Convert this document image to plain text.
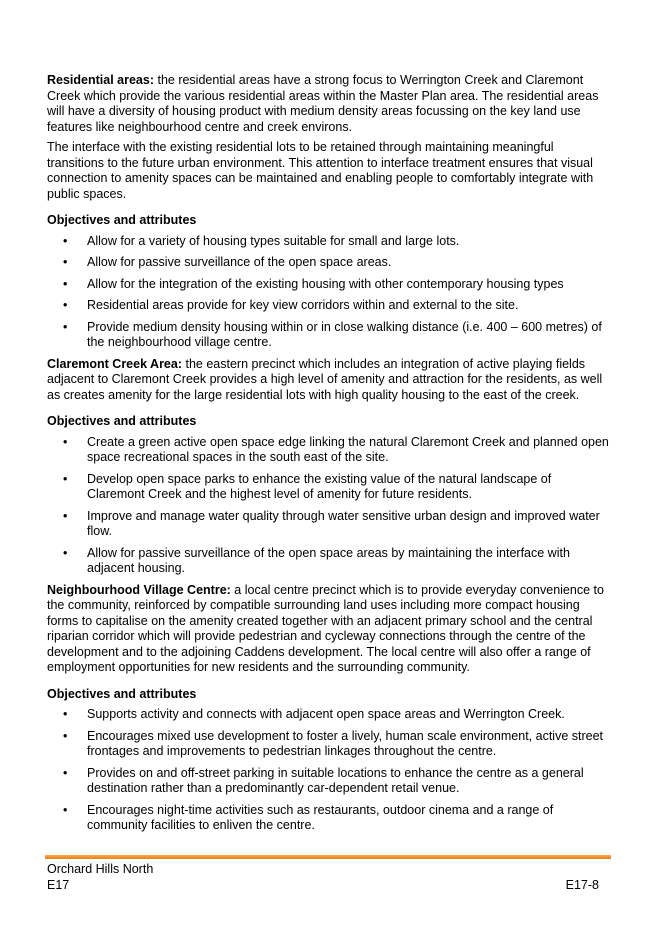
Residential areas: the residential areas have a strong focus to Werrington Creek and Claremont Creek which provide the various residential areas within the Master Plan area. The residential areas will have a diversity of housing product with medium density areas focussing on the key land use features like neighbourhood centre and creek environs.

The interface with the existing residential lots to be retained through maintaining meaningful transitions to the future urban environment. This attention to interface treatment ensures that visual connection to amenity spaces can be maintained and enabling people to comfortably integrate with public spaces.

Objectives and attributes

• Allow for a variety of housing types suitable for small and large lots.
• Allow for passive surveillance of the open space areas.
• Allow for the integration of the existing housing with other contemporary housing types
• Residential areas provide for key view corridors within and external to the site.
• Provide medium density housing within or in close walking distance (i.e. 400 – 600 metres) of the neighbourhood village centre.

Claremont Creek Area: the eastern precinct which includes an integration of active playing fields adjacent to Claremont Creek provides a high level of amenity and attraction for the residents, as well as creates amenity for the large residential lots with high quality housing to the east of the creek.

Objectives and attributes

• Create a green active open space edge linking the natural Claremont Creek and planned open space recreational spaces in the south east of the site.
• Develop open space parks to enhance the existing value of the natural landscape of Claremont Creek and the highest level of amenity for future residents.
• Improve and manage water quality through water sensitive urban design and improved water flow.
• Allow for passive surveillance of the open space areas by maintaining the interface with adjacent housing.

Neighbourhood Village Centre: a local centre precinct which is to provide everyday convenience to the community, reinforced by compatible surrounding land uses including more compact housing forms to capitalise on the amenity created together with an adjacent primary school and the central riparian corridor which will provide pedestrian and cycleway connections through the centre of the development and to the adjoining Caddens development. The local centre will also offer a range of employment opportunities for new residents and the surrounding community.

Objectives and attributes

• Supports activity and connects with adjacent open space areas and Werrington Creek.
• Encourages mixed use development to foster a lively, human scale environment, active street frontages and improvements to pedestrian linkages throughout the centre.
• Provides on and off-street parking in suitable locations to enhance the centre as a general destination rather than a predominantly car-dependent retail venue.
• Encourages night-time activities such as restaurants, outdoor cinema and a range of community facilities to enliven the centre.
Orchard Hills North
E17	E17-8
